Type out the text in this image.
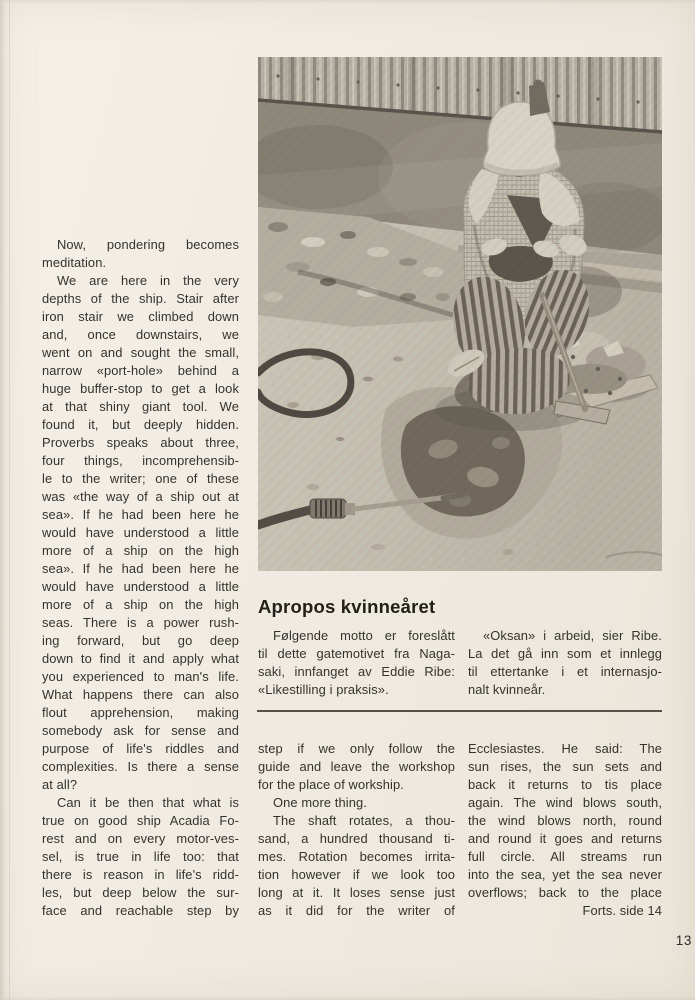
Now, pondering becomes

meditation.

We are here in the very

depths of the ship. Stair after

iron stair we climbed down

and, once downstairs, we

went on and sought the small,

narrow «port-hole» behind a

huge buffer-stop to get a look

at that shiny giant tool. We

found it, but deeply hidden.

Proverbs speaks about three,

four things, incomprehensib-

le to the writer; one of these

was «the way of a ship out at

sea». If he had been here he

would have understood a little

more of a ship on the high

sea». If he had been here he

would have understood a little

more of a ship on the high

seas. There is a power rush-

ing forward, but go deep

down to find it and apply what

you experienced to man's life.

What happens there can also

flout apprehension, making

somebody ask for sense and

purpose of life's riddles and

complexities. Is there a sense

at all?

Can it be then that what is

true on good ship Acadia Fo-

rest and on every motor-ves-

sel, is true in life too: that

there is reason in life's ridd-

les, but deep below the sur-

face and reachable step by

Apropos kvinneåret

Følgende motto er foreslått

til dette gatemotivet fra Naga-

saki, innfanget av Eddie Ribe:

«Likestilling i praksis».

«Oksan» i arbeid, sier Ribe.

La det gå inn som et innlegg

til ettertanke i et internasjo-

nalt kvinneår.

step if we only follow the

guide and leave the workshop

for the place of workship.

One more thing.

The shaft rotates, a thou-

sand, a hundred thousand ti-

mes. Rotation becomes irrita-

tion however if we look too

long at it. It loses sense just

as it did for the writer of

Ecclesiastes. He said: The

sun rises, the sun sets and

back it returns to tis place

again. The wind blows south,

the wind blows north, round

and round it goes and returns

full circle. All streams run

into the sea, yet the sea never

overflows; back to the place

Forts. side 14

13
